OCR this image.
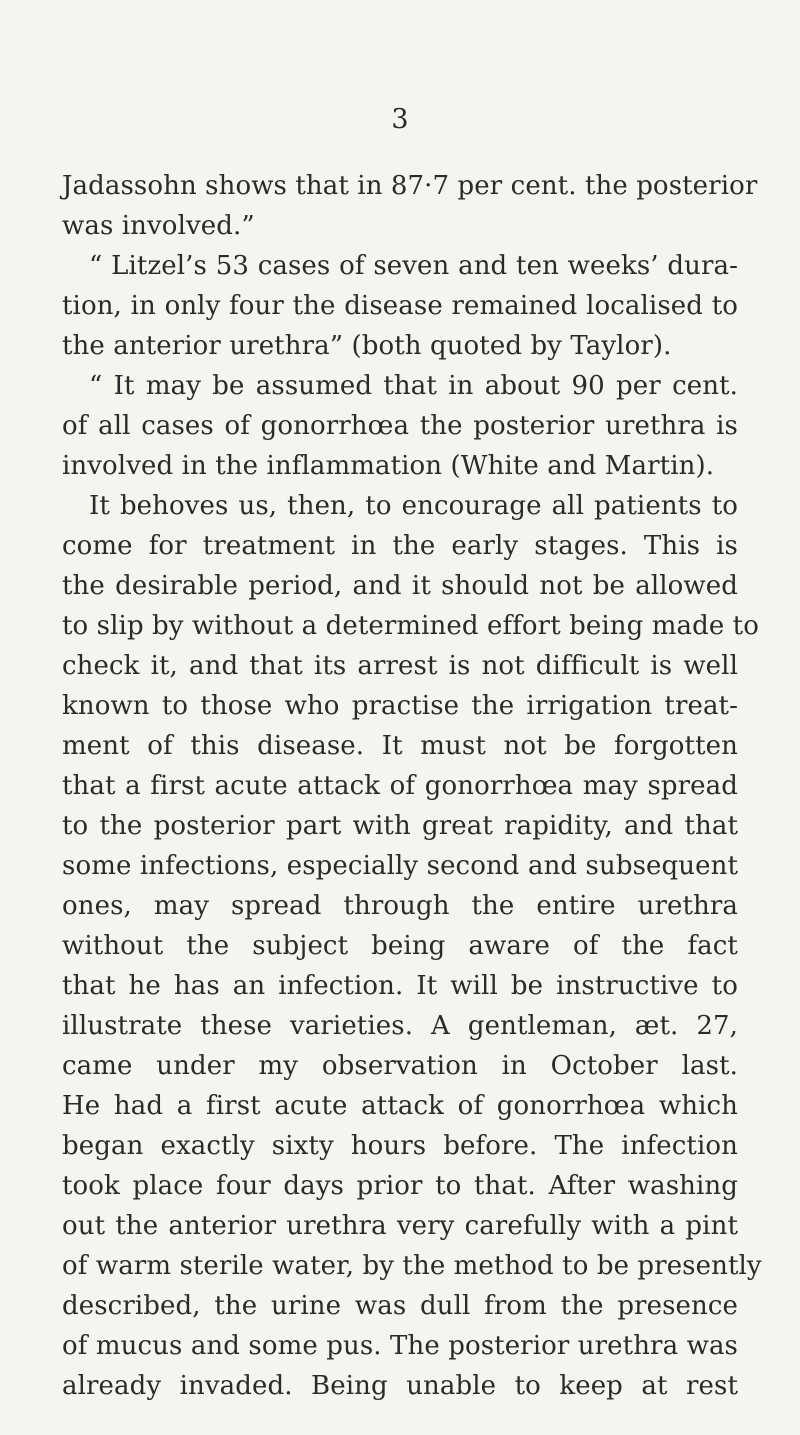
3
Jadassohn shows that in 87·7 per cent. the posterior
was involved.”
“ Litzel’s 53 cases of seven and ten weeks’ dura-
tion, in only four the disease remained localised to
the anterior urethra” (both quoted by Taylor).
“ It may be assumed that in about 90 per cent.
of all cases of gonorrhœa the posterior urethra is
involved in the inflammation (White and Martin).
It behoves us, then, to encourage all patients to
come for treatment in the early stages. This is
the desirable period, and it should not be allowed
to slip by without a determined effort being made to
check it, and that its arrest is not difficult is well
known to those who practise the irrigation treat-
ment of this disease. It must not be forgotten
that a first acute attack of gonorrhœa may spread
to the posterior part with great rapidity, and that
some infections, especially second and subsequent
ones, may spread through the entire urethra
without the subject being aware of the fact
that he has an infection. It will be instructive to
illustrate these varieties. A gentleman, æt. 27,
came under my observation in October last.
He had a first acute attack of gonorrhœa which
began exactly sixty hours before. The infection
took place four days prior to that. After washing
out the anterior urethra very carefully with a pint
of warm sterile water, by the method to be presently
described, the urine was dull from the presence
of mucus and some pus. The posterior urethra was
already invaded. Being unable to keep at rest
